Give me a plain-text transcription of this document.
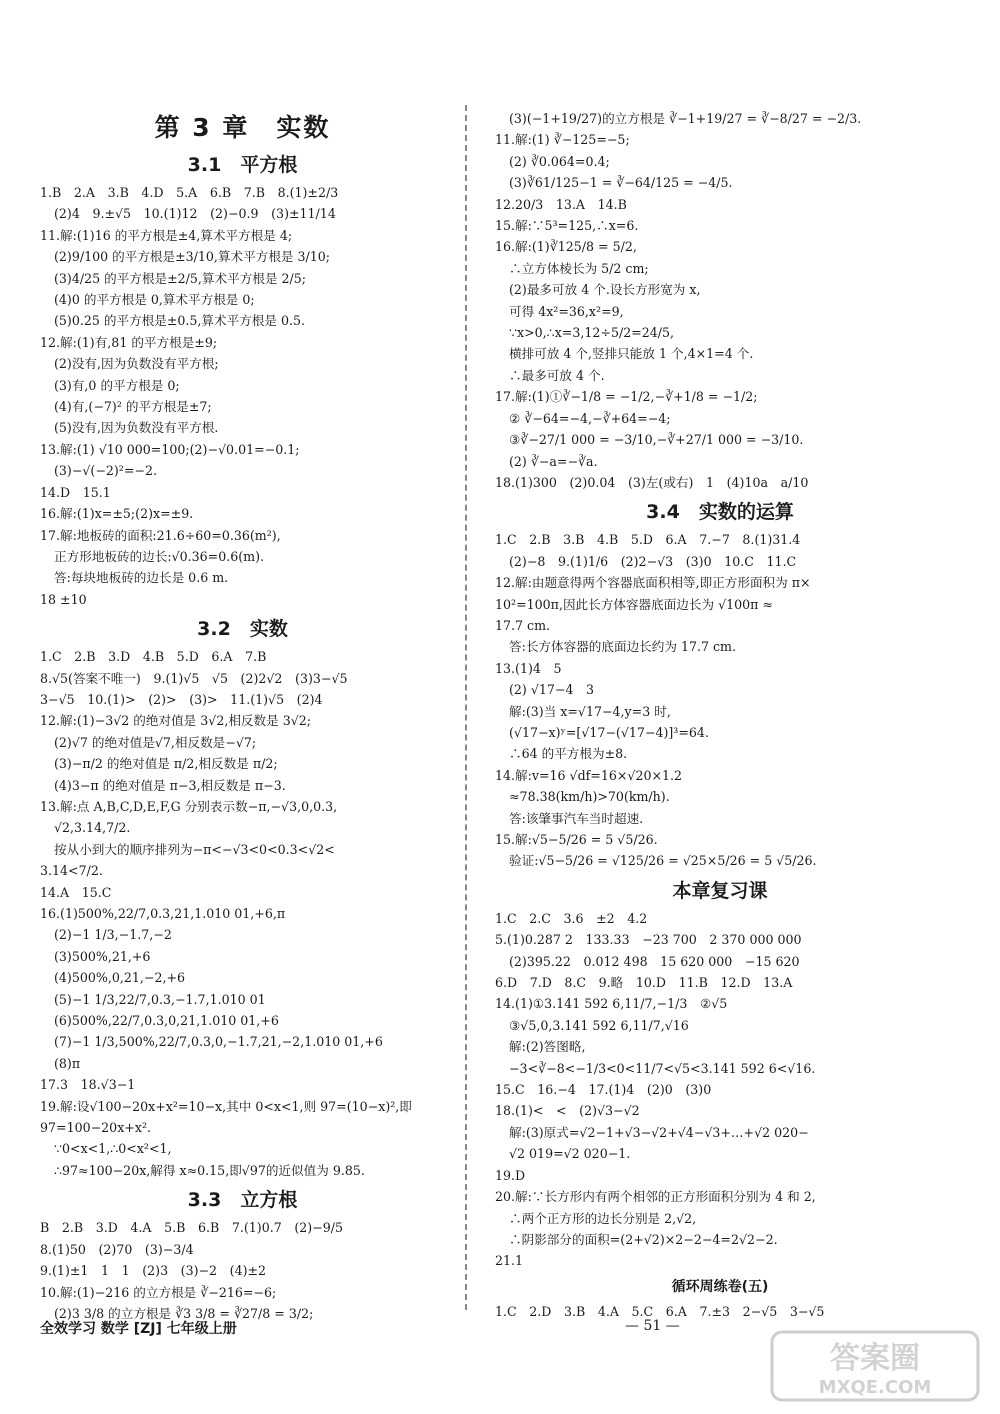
第 3 章　实数
3.1　平方根
1.B　2.A　3.B　4.D　5.A　6.B　7.B　8.(1)±2/3
(2)4　9.±√5　10.(1)12　(2)−0.9　(3)±11/14
11.解:(1)16 的平方根是±4,算术平方根是 4;
(2)9/100 的平方根是±3/10,算术平方根是 3/10;
(3)4/25 的平方根是±2/5,算术平方根是 2/5;
(4)0 的平方根是 0,算术平方根是 0;
(5)0.25 的平方根是±0.5,算术平方根是 0.5.
12.解:(1)有,81 的平方根是±9;
(2)没有,因为负数没有平方根;
(3)有,0 的平方根是 0;
(4)有,(−7)² 的平方根是±7;
(5)没有,因为负数没有平方根.
13.解:(1) √10 000=100;(2)−√0.01=−0.1;
(3)−√(−2)²=−2.
14.D　15.1
16.解:(1)x=±5;(2)x=±9.
17.解:地板砖的面积:21.6÷60=0.36(m²),
正方形地板砖的边长:√0.36=0.6(m).
答:每块地板砖的边长是 0.6 m.
18 ±10
3.2　实数
1.C　2.B　3.D　4.B　5.D　6.A　7.B
8.√5(答案不唯一)　9.(1)√5　√5　(2)2√2　(3)3−√5
3−√5　10.(1)>　(2)>　(3)>　11.(1)√5　(2)4
12.解:(1)−3√2 的绝对值是 3√2,相反数是 3√2;
(2)√7 的绝对值是√7,相反数是−√7;
(3)−π/2 的绝对值是 π/2,相反数是 π/2;
(4)3−π 的绝对值是 π−3,相反数是 π−3.
13.解:点 A,B,C,D,E,F,G 分别表示数−π,−√3,0,0.3,
√2,3.14,7/2.
按从小到大的顺序排列为−π<−√3<0<0.3<√2<
3.14<7/2.
14.A　15.C
16.(1)500%,22/7,0.3,21,1.010 01,+6,π
(2)−1 1/3,−1.7,−2
(3)500%,21,+6
(4)500%,0,21,−2,+6
(5)−1 1/3,22/7,0.3,−1.7,1.010 01
(6)500%,22/7,0.3,0,21,1.010 01,+6
(7)−1 1/3,500%,22/7,0.3,0,−1.7,21,−2,1.010 01,+6
(8)π
17.3　18.√3−1
19.解:设√100−20x+x²=10−x,其中 0<x<1,则 97=(10−x)²,即
97=100−20x+x².
∵0<x<1,∴0<x²<1,
∴97≈100−20x,解得 x≈0.15,即√97的近似值为 9.85.
3.3　立方根
B　2.B　3.D　4.A　5.B　6.B　7.(1)0.7　(2)−9/5
8.(1)50　(2)70　(3)−3/4
9.(1)±1　1　1　(2)3　(3)−2　(4)±2
10.解:(1)−216 的立方根是 ∛−216=−6;
(2)3 3/8 的立方根是 ∛3 3/8 = ∛27/8 = 3/2;
(3)(−1+19/27)的立方根是 ∛−1+19/27 = ∛−8/27 = −2/3.
11.解:(1) ∛−125=−5;
(2) ∛0.064=0.4;
(3)∛61/125−1 = ∛−64/125 = −4/5.
12.20/3　13.A　14.B
15.解:∵5³=125,∴x=6.
16.解:(1)∛125/8 = 5/2,
∴立方体棱长为 5/2 cm;
(2)最多可放 4 个.设长方形宽为 x,
可得 4x²=36,x²=9,
∵x>0,∴x=3,12÷5/2=24/5,
横排可放 4 个,竖排只能放 1 个,4×1=4 个.
∴最多可放 4 个.
17.解:(1)①∛−1/8 = −1/2,−∛+1/8 = −1/2;
② ∛−64=−4,−∛+64=−4;
③∛−27/1 000 = −3/10,−∛+27/1 000 = −3/10.
(2) ∛−a=−∛a.
18.(1)300　(2)0.04　(3)左(或右)　1　(4)10a　a/10
3.4　实数的运算
1.C　2.B　3.B　4.B　5.D　6.A　7.−7　8.(1)31.4
(2)−8　9.(1)1/6　(2)2−√3　(3)0　10.C　11.C
12.解:由题意得两个容器底面积相等,即正方形面积为 π×
10²=100π,因此长方体容器底面边长为 √100π ≈
17.7 cm.
答:长方体容器的底面边长约为 17.7 cm.
13.(1)4　5
(2) √17−4　3
解:(3)当 x=√17−4,y=3 时,
(√17−x)ʸ=[√17−(√17−4)]³=64.
∴64 的平方根为±8.
14.解:v=16 √df=16×√20×1.2
≈78.38(km/h)>70(km/h).
答:该肇事汽车当时超速.
15.解:√5−5/26 = 5 √5/26.
验证:√5−5/26 = √125/26 = √25×5/26 = 5 √5/26.
本章复习课
1.C　2.C　3.6　±2　4.2
5.(1)0.287 2　133.33　−23 700　2 370 000 000
(2)395.22　0.012 498　15 620 000　−15 620
6.D　7.D　8.C　9.略　10.D　11.B　12.D　13.A
14.(1)①3.141 592 6,11/7,−1/3　②√5
③√5,0,3.141 592 6,11/7,√16
解:(2)答图略,
−3<∛−8<−1/3<0<11/7<√5<3.141 592 6<√16.
15.C　16.−4　17.(1)4　(2)0　(3)0
18.(1)<　<　(2)√3−√2
解:(3)原式=√2−1+√3−√2+√4−√3+…+√2 020−
√2 019=√2 020−1.
19.D
20.解:∵长方形内有两个相邻的正方形面积分别为 4 和 2,
∴两个正方形的边长分别是 2,√2,
∴阴影部分的面积=(2+√2)×2−2−4=2√2−2.
21.1
循环周练卷(五)
1.C　2.D　3.B　4.A　5.C　6.A　7.±3　2−√5　3−√5
全效学习 数学 [ZJ] 七年级上册	— 51 —
答案圈
MXQE.COM
